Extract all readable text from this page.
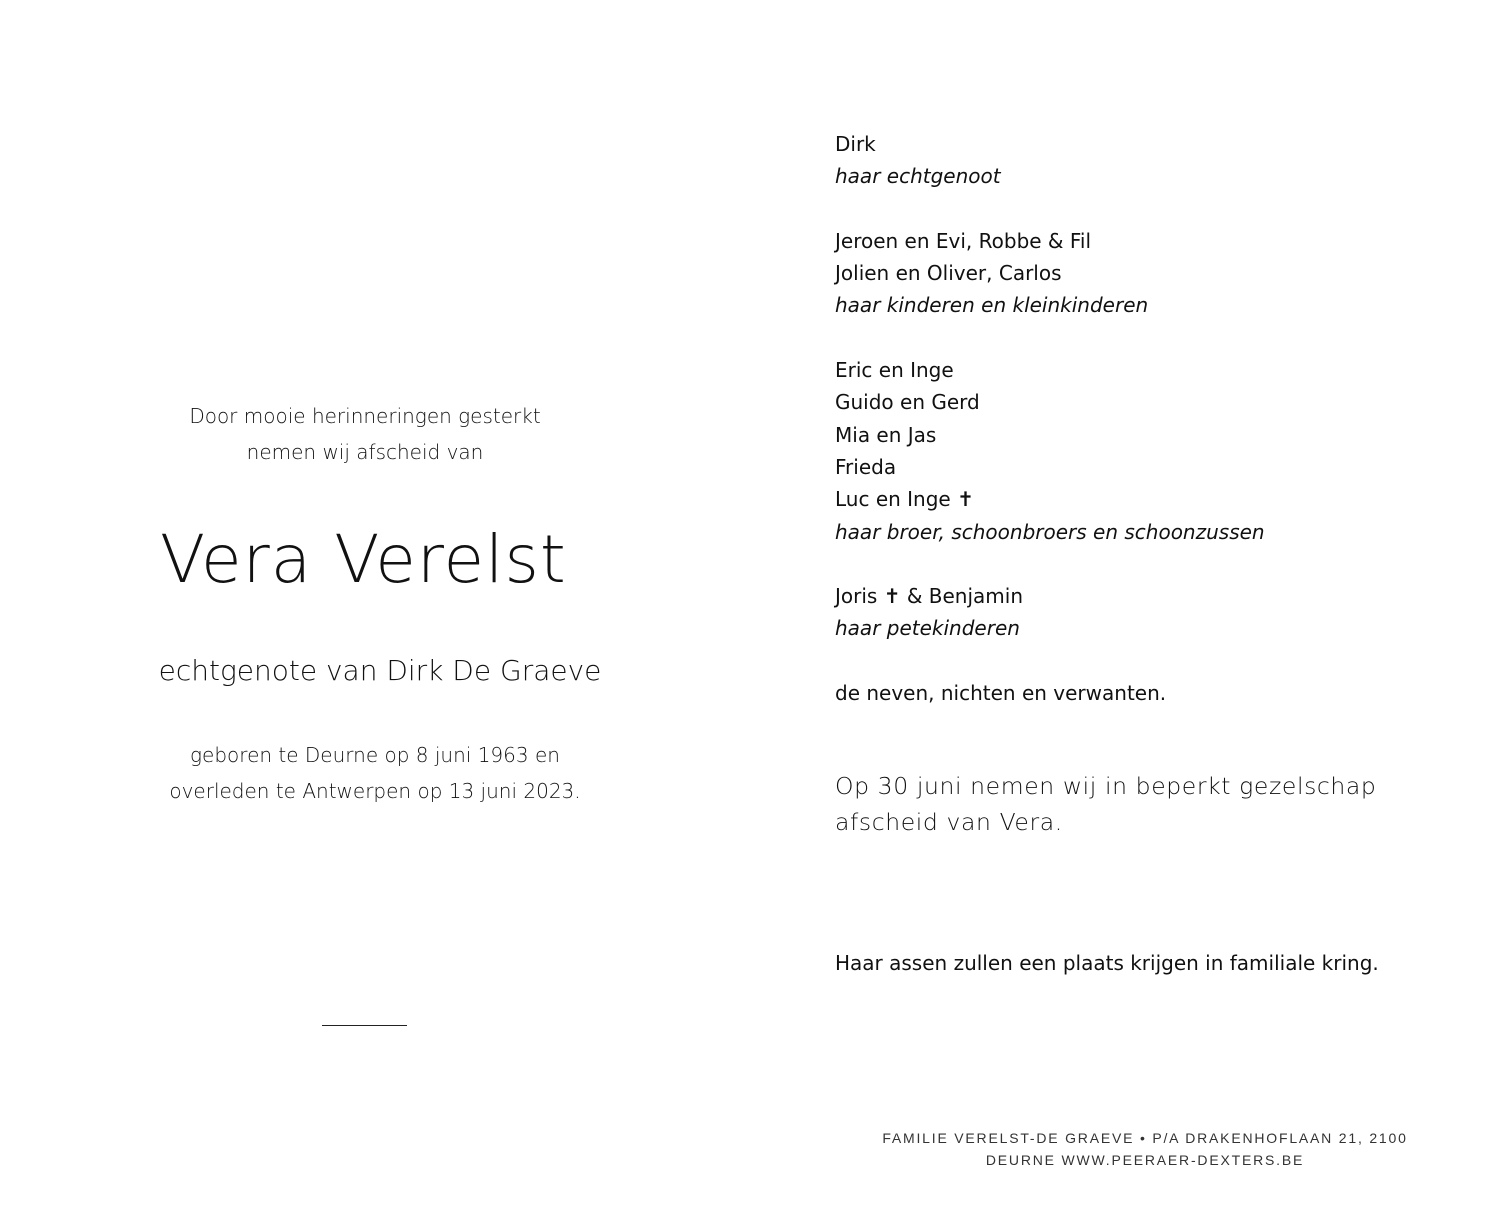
Door mooie herinneringen gesterkt
nemen wij afscheid van
Vera Verelst
echtgenote van Dirk De Graeve
geboren te Deurne op 8 juni 1963 en
overleden te Antwerpen op 13 juni 2023.
Dirk
haar echtgenoot
Jeroen en Evi, Robbe & Fil
Jolien en Oliver, Carlos
haar kinderen en kleinkinderen
Eric en Inge
Guido en Gerd
Mia en Jas
Frieda
Luc en Inge ✝
haar broer, schoonbroers en schoonzussen
Joris ✝ & Benjamin
haar petekinderen
de neven, nichten en verwanten.
Op 30 juni nemen wij in beperkt gezelschap afscheid van Vera.
Haar assen zullen een plaats krijgen in familiale kring.
FAMILIE VERELST-DE GRAEVE • P/A DRAKENHOFLAAN 21, 2100
DEURNE WWW.PEERAER-DEXTERS.BE
